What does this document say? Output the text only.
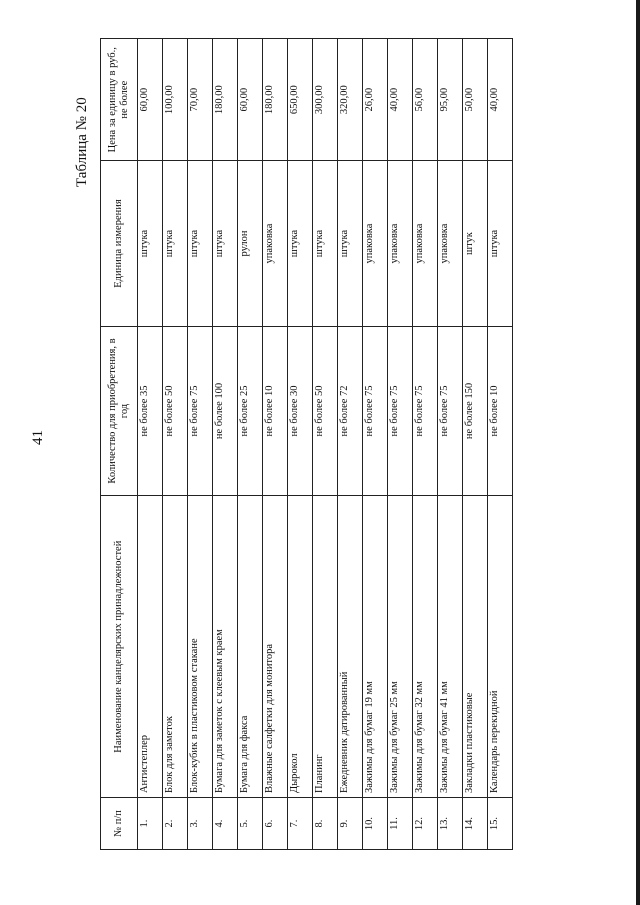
41
Таблица № 20
№ п/п	Наименование канцелярских принадлежностей	Количество для приобретения, в год	Единица измерения	Цена за единицу в руб., не более
1.	Антистеплер	не более 35	штука	60,00
2.	Блок для заметок	не более 50	штука	100,00
3.	Блок-кубик в пластиковом стакане	не более 75	штука	70,00
4.	Бумага для заметок с клеевым краем	не более 100	штука	180,00
5.	Бумага для факса	не более 25	рулон	60,00
6.	Влажные салфетки для монитора	не более 10	упаковка	180,00
7.	Дырокол	не более 30	штука	650,00
8.	Планинг	не более 50	штука	300,00
9.	Ежедневник датированный	не более 72	штука	320,00
10.	Зажимы для бумаг 19 мм	не более 75	упаковка	26,00
11.	Зажимы для бумаг 25 мм	не более 75	упаковка	40,00
12.	Зажимы для бумаг 32 мм	не более 75	упаковка	56,00
13.	Зажимы для бумаг 41 мм	не более 75	упаковка	95,00
14.	Закладки пластиковые	не более 150	штук	50,00
15.	Календарь перекидной	не более 10	штука	40,00
